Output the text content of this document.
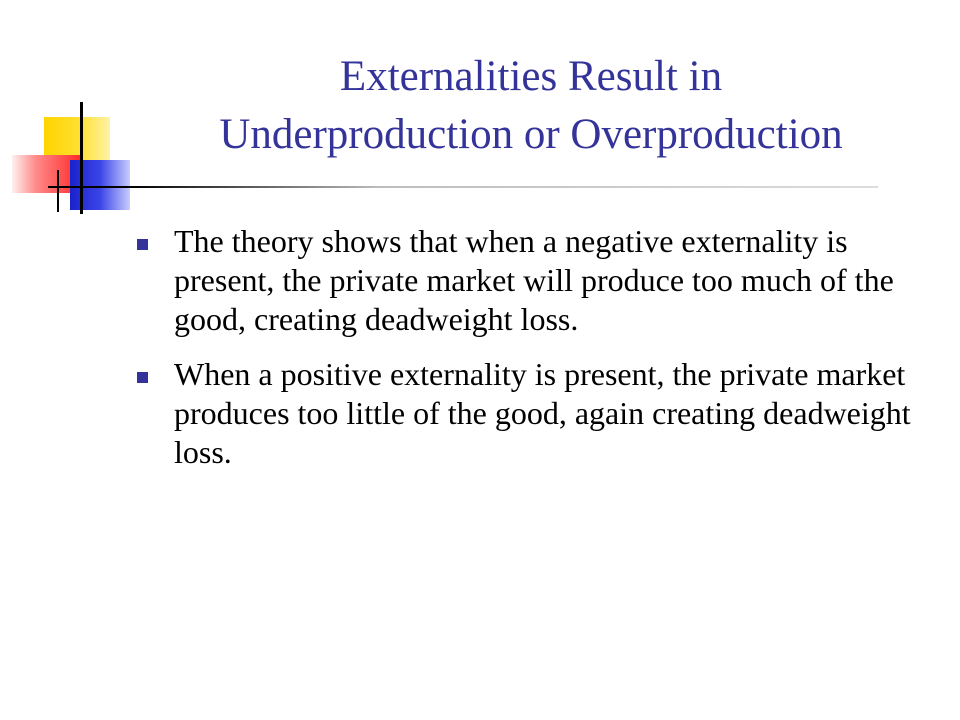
Externalities Result in
Underproduction or Overproduction
The theory shows that when a negative externality is present, the private market will produce too much of the good, creating deadweight loss.
When a positive externality is present, the private market produces too little of the good, again creating deadweight loss.
